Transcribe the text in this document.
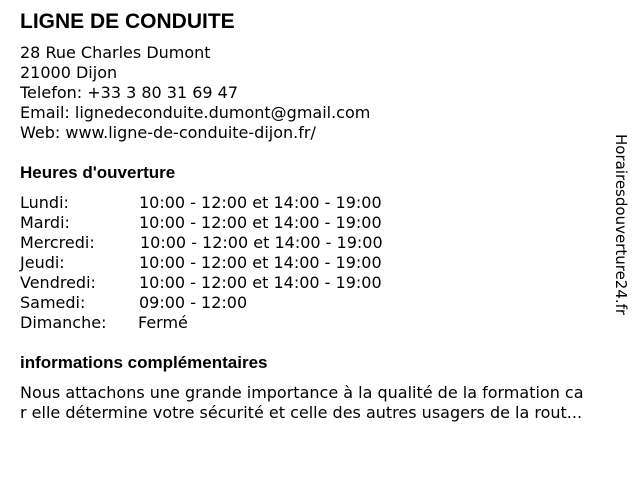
LIGNE DE CONDUITE
28 Rue Charles Dumont
21000 Dijon
Telefon: +33 3 80 31 69 47
Email: lignedeconduite.dumont@gmail.com
Web: www.ligne-de-conduite-dijon.fr/
Heures d'ouverture
Lundi:	10:00 - 12:00 et 14:00 - 19:00
Mardi:	10:00 - 12:00 et 14:00 - 19:00
Mercredi:	10:00 - 12:00 et 14:00 - 19:00
Jeudi:	10:00 - 12:00 et 14:00 - 19:00
Vendredi:	10:00 - 12:00 et 14:00 - 19:00
Samedi:	09:00 - 12:00
Dimanche: Fermé
informations complémentaires
Nous attachons une grande importance à la qualité de la formation ca
r elle détermine votre sécurité et celle des autres usagers de la rout...
Horairesdouverture24.fr
